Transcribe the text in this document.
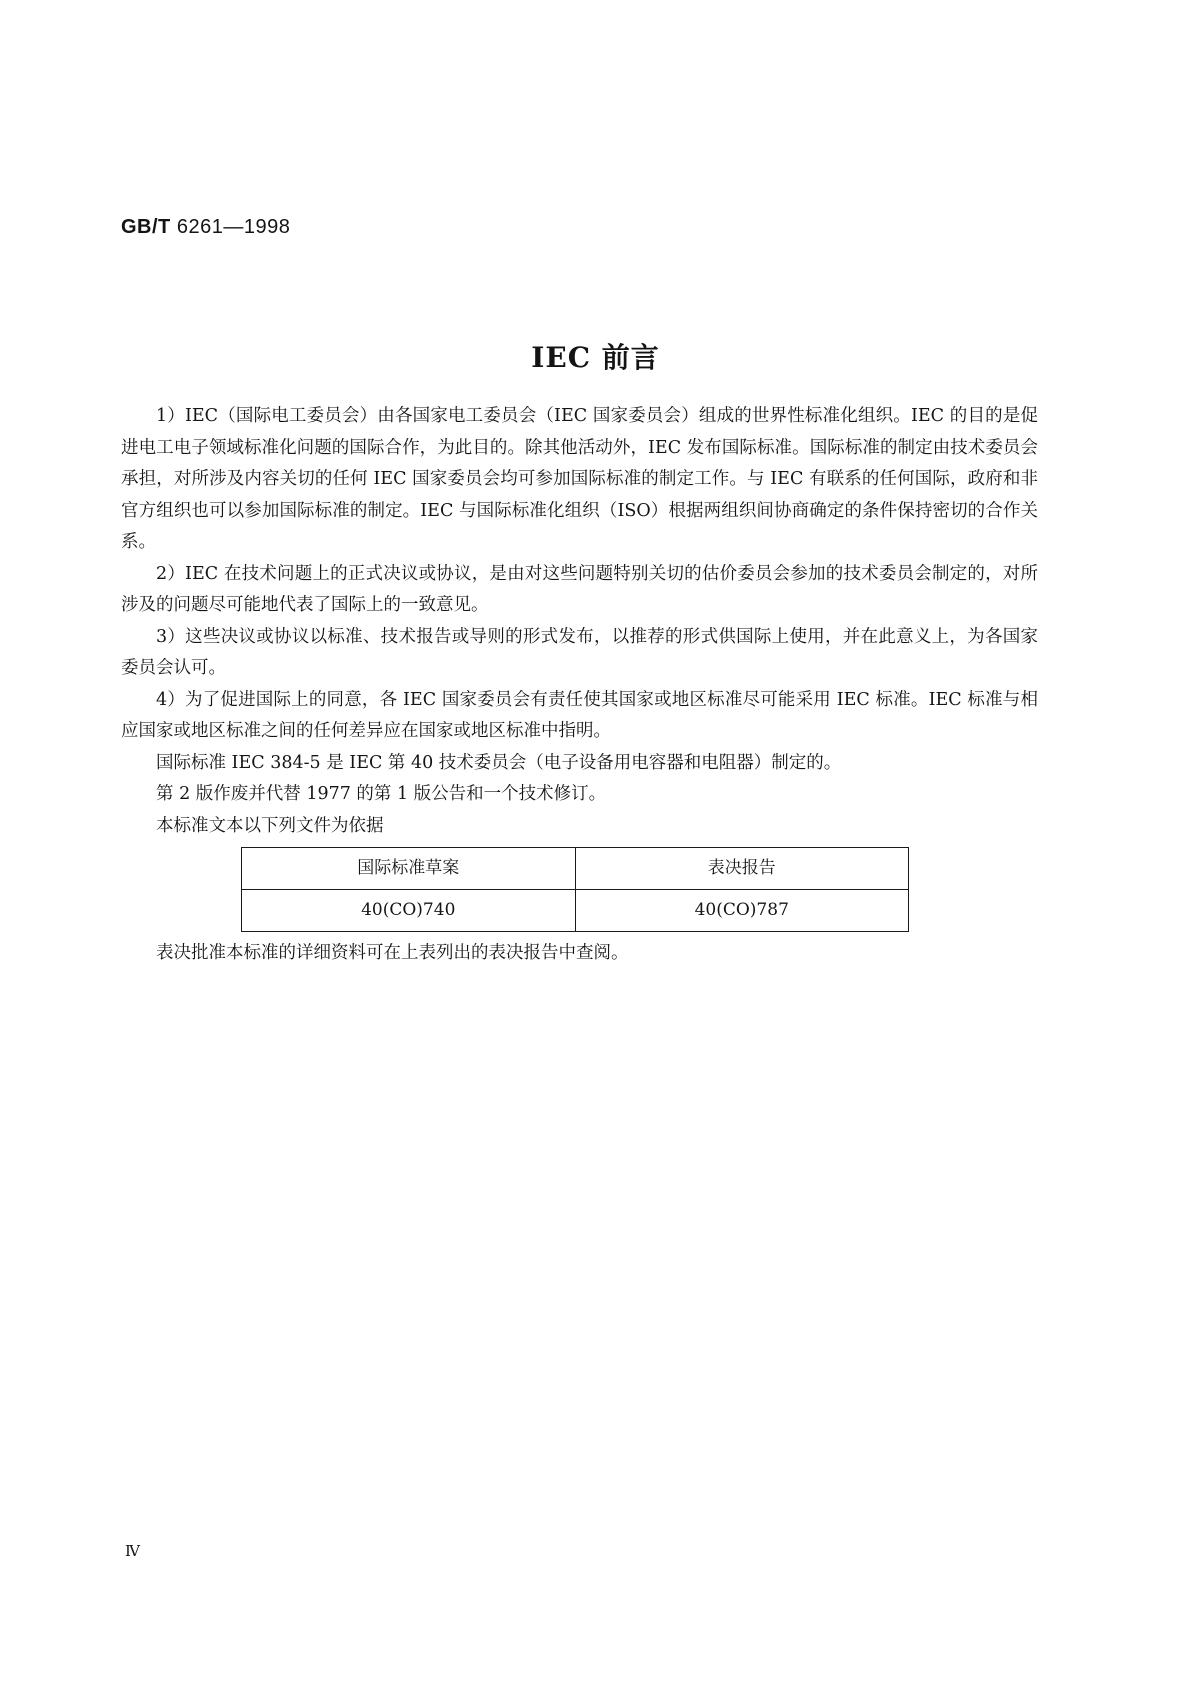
GB/T 6261—1998
IEC 前言

1）IEC（国际电工委员会）由各国家电工委员会（IEC 国家委员会）组成的世界性标准化组织。IEC 的目的是促进电工电子领域标准化问题的国际合作，为此目的。除其他活动外，IEC 发布国际标准。国际标准的制定由技术委员会承担，对所涉及内容关切的任何 IEC 国家委员会均可参加国际标准的制定工作。与 IEC 有联系的任何国际，政府和非官方组织也可以参加国际标准的制定。IEC 与国际标准化组织（ISO）根据两组织间协商确定的条件保持密切的合作关系。

2）IEC 在技术问题上的正式决议或协议，是由对这些问题特别关切的估价委员会参加的技术委员会制定的，对所涉及的问题尽可能地代表了国际上的一致意见。

3）这些决议或协议以标准、技术报告或导则的形式发布，以推荐的形式供国际上使用，并在此意义上，为各国家委员会认可。

4）为了促进国际上的同意，各 IEC 国家委员会有责任使其国家或地区标准尽可能采用 IEC 标准。IEC 标准与相应国家或地区标准之间的任何差异应在国家或地区标准中指明。

国际标准 IEC 384-5 是 IEC 第 40 技术委员会（电子设备用电容器和电阻器）制定的。

第 2 版作废并代替 1977 的第 1 版公告和一个技术修订。

本标准文本以下列文件为依据

国际标准草案	表决报告
40(CO)740	40(CO)787

表决批准本标准的详细资料可在上表列出的表决报告中查阅。

Ⅳ
